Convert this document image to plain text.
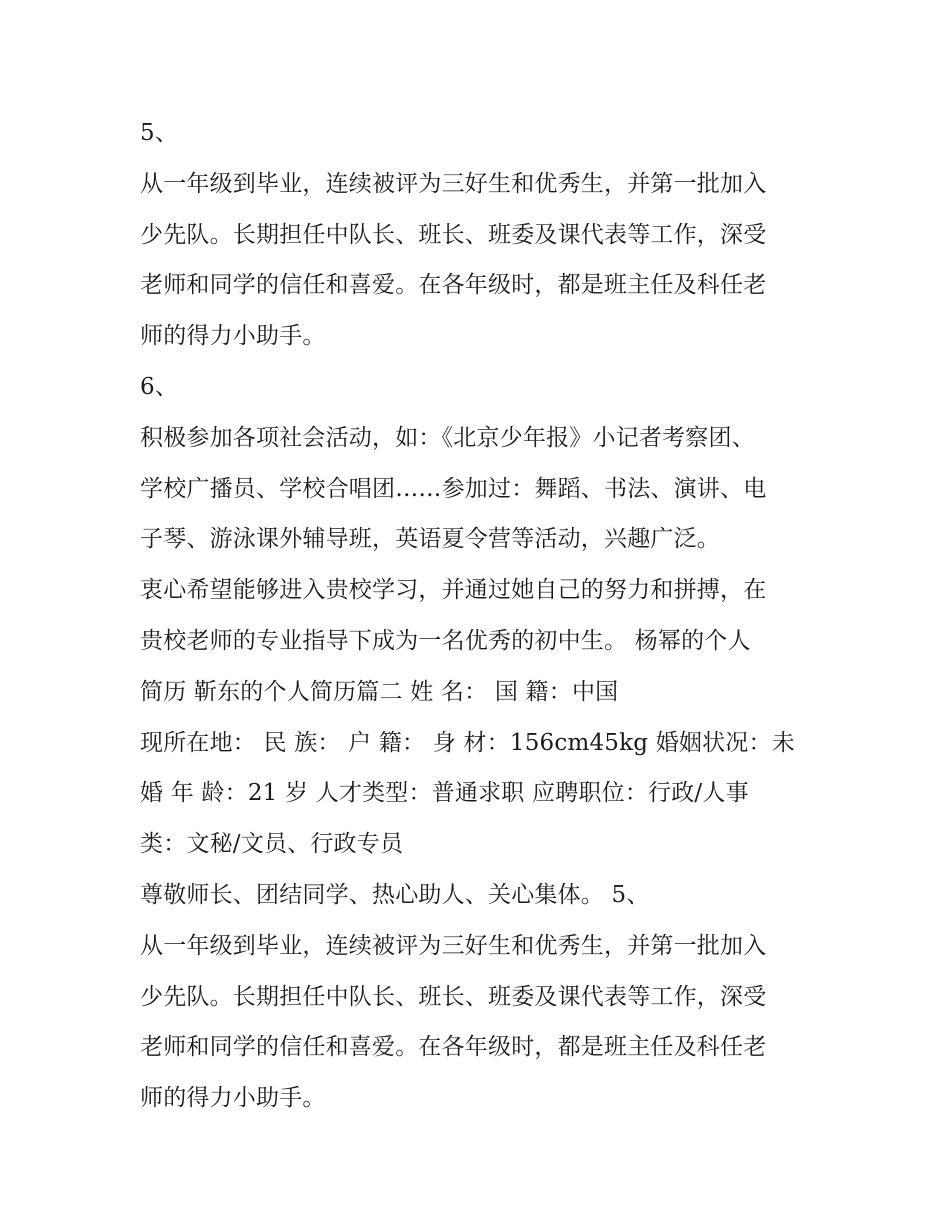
5、
从一年级到毕业，连续被评为三好生和优秀生，并第一批加入
少先队。长期担任中队长、班长、班委及课代表等工作，深受
老师和同学的信任和喜爱。在各年级时，都是班主任及科任老
师的得力小助手。
6、
积极参加各项社会活动，如：《北京少年报》小记者考察团、
学校广播员、学校合唱团……参加过：舞蹈、书法、演讲、电
子琴、游泳课外辅导班，英语夏令营等活动，兴趣广泛。
衷心希望能够进入贵校学习，并通过她自己的努力和拼搏，在
贵校老师的专业指导下成为一名优秀的初中生。 杨幂的个人
简历 靳东的个人简历篇二 姓 名： 国 籍：中国
现所在地： 民 族： 户 籍： 身 材：156cm45kg 婚姻状况：未
婚 年 龄：21 岁 人才类型：普通求职 应聘职位：行政/人事
类：文秘/文员、行政专员
尊敬师长、团结同学、热心助人、关心集体。 5、
从一年级到毕业，连续被评为三好生和优秀生，并第一批加入
少先队。长期担任中队长、班长、班委及课代表等工作，深受
老师和同学的信任和喜爱。在各年级时，都是班主任及科任老
师的得力小助手。
